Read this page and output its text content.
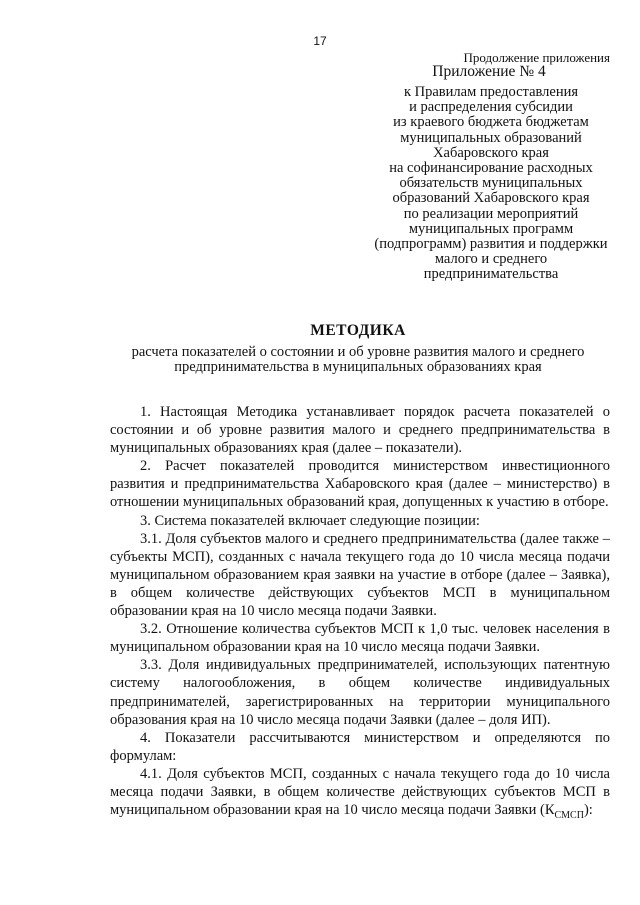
17
Продолжение приложения
Приложение № 4
к Правилам предоставления
и распределения субсидии
из краевого бюджета бюджетам
муниципальных образований
Хабаровского края
на софинансирование расходных
обязательств муниципальных
образований Хабаровского края
по реализации мероприятий
муниципальных программ
(подпрограмм) развития и поддержки
малого и среднего
предпринимательства
МЕТОДИКА
расчета показателей о состоянии и об уровне развития малого и среднего предпринимательства в муниципальных образованиях края

1. Настоящая Методика устанавливает порядок расчета показателей о состоянии и об уровне развития малого и среднего предпринимательства в муниципальных образованиях края (далее – показатели).

2. Расчет показателей проводится министерством инвестиционного развития и предпринимательства Хабаровского края (далее – министерство) в отношении муниципальных образований края, допущенных к участию в отборе.

3. Система показателей включает следующие позиции:

3.1. Доля субъектов малого и среднего предпринимательства (далее также – субъекты МСП), созданных с начала текущего года до 10 числа месяца подачи муниципальном образованием края заявки на участие в отборе (далее – Заявка), в общем количестве действующих субъектов МСП в муниципальном образовании края на 10 число месяца подачи Заявки.

3.2. Отношение количества субъектов МСП к 1,0 тыс. человек населения в муниципальном образовании края на 10 число месяца подачи Заявки.

3.3. Доля индивидуальных предпринимателей, использующих патентную систему налогообложения, в общем количестве индивидуальных предпринимателей, зарегистрированных на территории муниципального образования края на 10 число месяца подачи Заявки (далее – доля ИП).

4. Показатели рассчитываются министерством и определяются по формулам:

4.1. Доля субъектов МСП, созданных с начала текущего года до 10 числа месяца подачи Заявки, в общем количестве действующих субъектов МСП в муниципальном образовании края на 10 число месяца подачи Заявки $(К_{СМСП})$:
